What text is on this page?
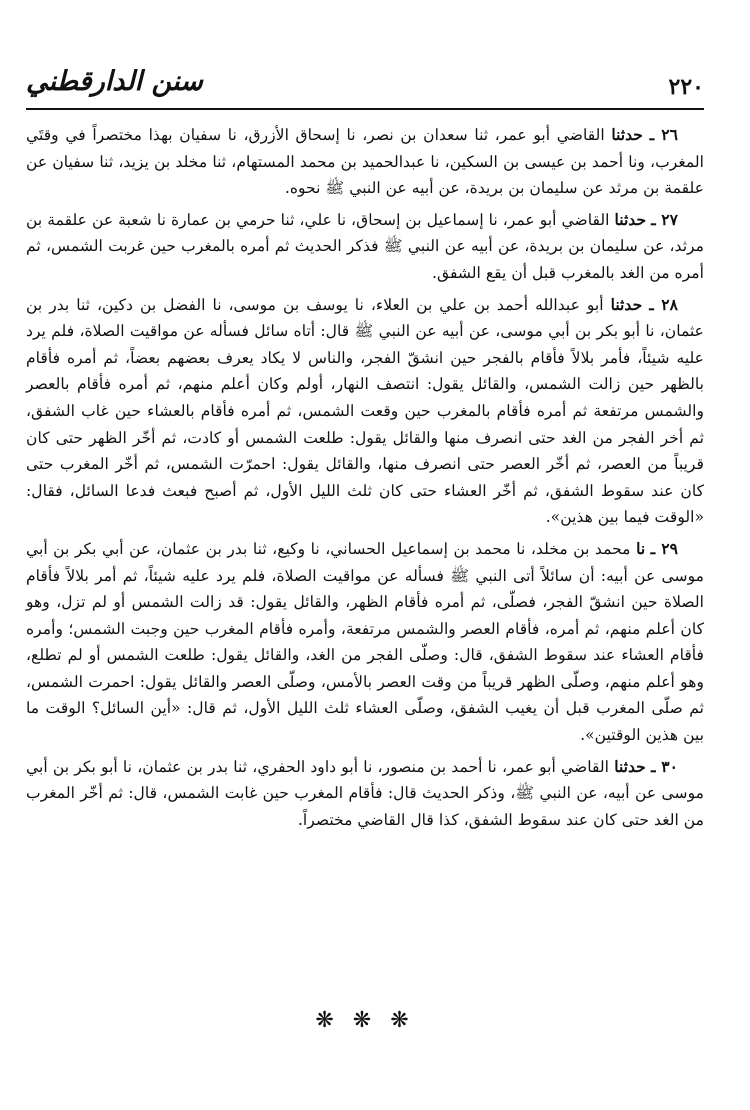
٢٢٠
سنن الدارقطني

٢٦ ـ حدثنا القاضي أبو عمر، ثنا سعدان بن نصر، نا إسحاق الأزرق، نا سفيان بهذا مختصراً في وقتَي المغرب، ونا أحمد بن عيسى بن السكين، نا عبدالحميد بن محمد المستهام، ثنا مخلد بن يزيد، ثنا سفيان عن علقمة بن مرثد عن سليمان بن بريدة، عن أبيه عن النبي ﷺ نحوه.

٢٧ ـ حدثنا القاضي أبو عمر، نا إسماعيل بن إسحاق، نا علي، ثنا حرمي بن عمارة نا شعبة عن علقمة بن مرثد، عن سليمان بن بريدة، عن أبيه عن النبي ﷺ فذكر الحديث ثم أمره بالمغرب حين غربت الشمس، ثم أمره من الغد بالمغرب قبل أن يقع الشفق.

٢٨ ـ حدثنا أبو عبدالله أحمد بن علي بن العلاء، نا يوسف بن موسى، نا الفضل بن دكين، ثنا بدر بن عثمان، نا أبو بكر بن أبي موسى، عن أبيه عن النبي ﷺ قال: أتاه سائل فسأله عن مواقيت الصلاة، فلم يرد عليه شيئاً، فأمر بلالاً فأقام بالفجر حين انشقّ الفجر، والناس لا يكاد يعرف بعضهم بعضاً، ثم أمره فأقام بالظهر حين زالت الشمس، والقائل يقول: انتصف النهار، أولم وكان أعلم منهم، ثم أمره فأقام بالعصر والشمس مرتفعة ثم أمره فأقام بالمغرب حين وقعت الشمس، ثم أمره فأقام بالعشاء حين غاب الشفق، ثم أخر الفجر من الغد حتى انصرف منها والقائل يقول: طلعت الشمس أو كادت، ثم أخّر الظهر حتى كان قريباً من العصر، ثم أخّر العصر حتى انصرف منها، والقائل يقول: احمرّت الشمس، ثم أخّر المغرب حتى كان عند سقوط الشفق، ثم أخّر العشاء حتى كان ثلث الليل الأول، ثم أصبح فبعث فدعا السائل، فقال: «الوقت فيما بين هذين».

٢٩ ـ نا محمد بن مخلد، نا محمد بن إسماعيل الحساني، نا وكيع، ثنا بدر بن عثمان، عن أبي بكر بن أبي موسى عن أبيه: أن سائلاً أتى النبي ﷺ فسأله عن مواقيت الصلاة، فلم يرد عليه شيئاً، ثم أمر بلالاً فأقام الصلاة حين انشقّ الفجر، فصلّى، ثم أمره فأقام الظهر، والقائل يقول: قد زالت الشمس أو لم تزل، وهو كان أعلم منهم، ثم أمره، فأقام العصر والشمس مرتفعة، وأمره فأقام المغرب حين وجبت الشمس؛ وأمره فأقام العشاء عند سقوط الشفق، قال: وصلّى الفجر من الغد، والقائل يقول: طلعت الشمس أو لم تطلع، وهو أعلم منهم، وصلّى الظهر قريباً من وقت العصر بالأمس، وصلّى العصر والقائل يقول: احمرت الشمس، ثم صلّى المغرب قبل أن يغيب الشفق، وصلّى العشاء ثلث الليل الأول، ثم قال: «أين السائل؟ الوقت ما بين هذين الوقتين».

٣٠ ـ حدثنا القاضي أبو عمر، نا أحمد بن منصور، نا أبو داود الحفري، ثنا بدر بن عثمان، نا أبو بكر بن أبي موسى عن أبيه، عن النبي ﷺ، وذكر الحديث قال: فأقام المغرب حين غابت الشمس، قال: ثم أخّر المغرب من الغد حتى كان عند سقوط الشفق، كذا قال القاضي مختصراً.

❋ ❋ ❋
